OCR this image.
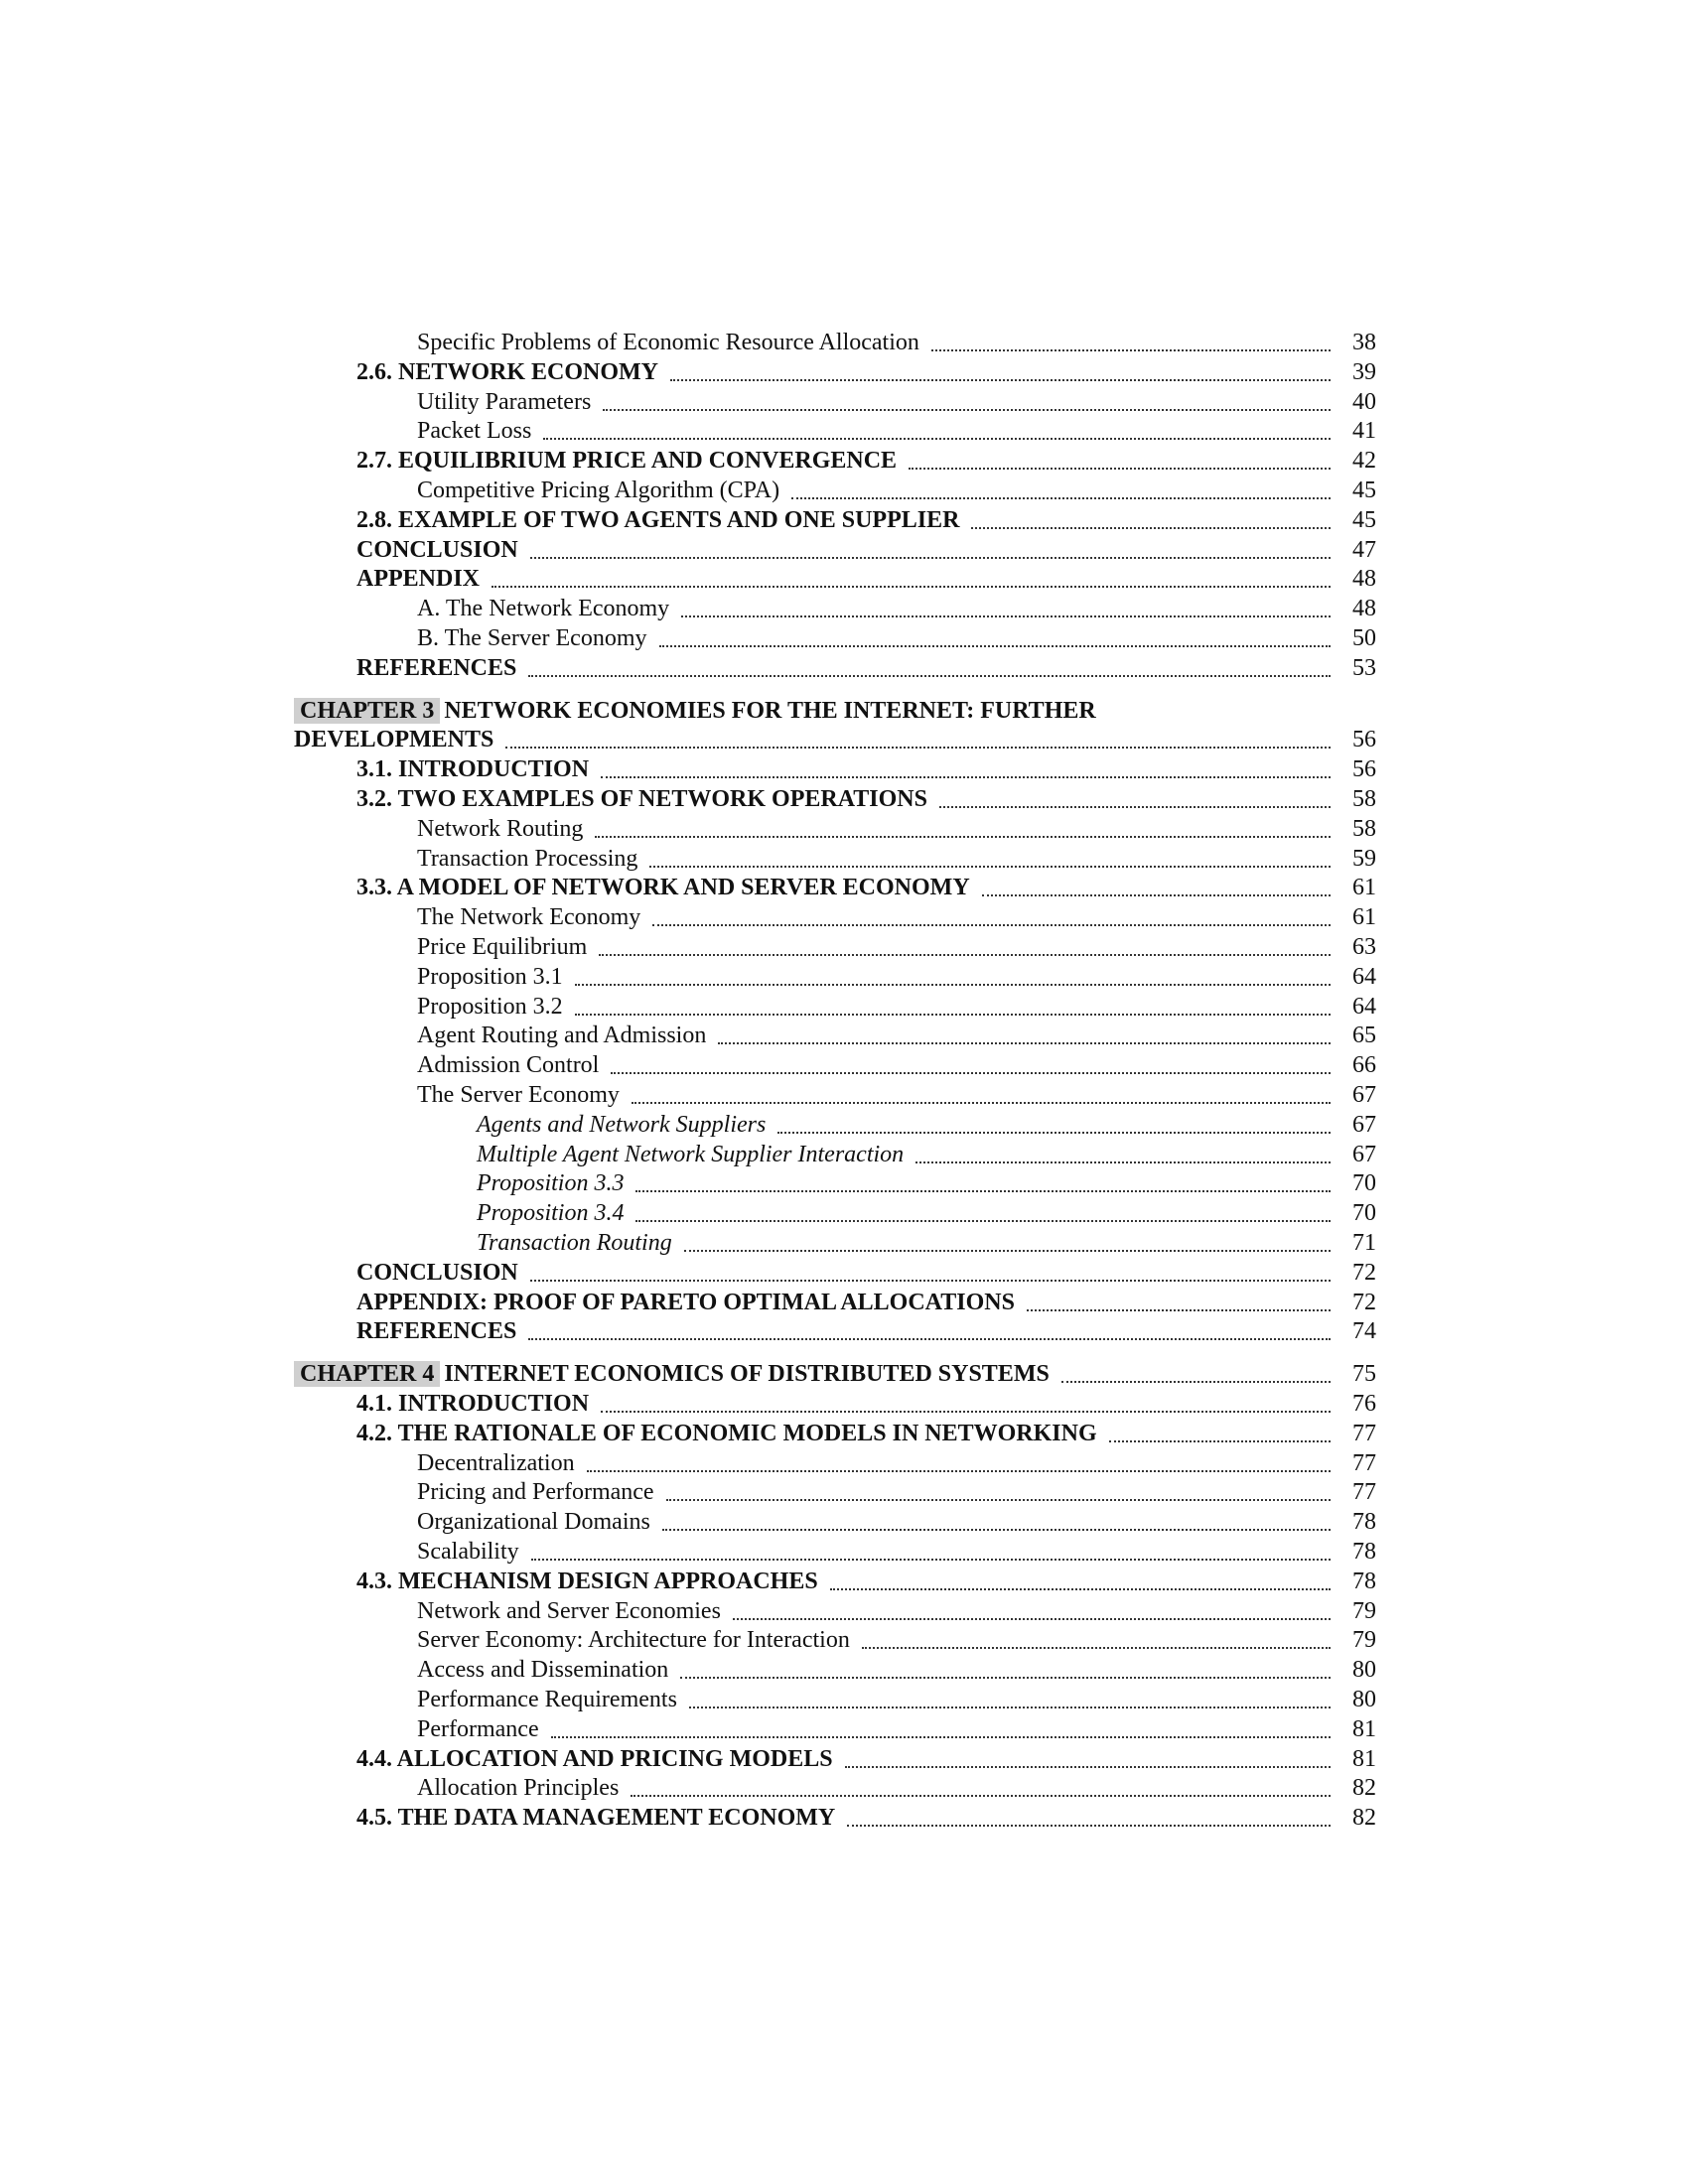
Specific Problems of Economic Resource Allocation	38
2.6. NETWORK ECONOMY	39
Utility Parameters	40
Packet Loss	41
2.7. EQUILIBRIUM PRICE AND CONVERGENCE	42
Competitive Pricing Algorithm (CPA)	45
2.8. EXAMPLE OF TWO AGENTS AND ONE SUPPLIER	45
CONCLUSION	47
APPENDIX	48
A. The Network Economy	48
B. The Server Economy	50
REFERENCES	53
CHAPTER 3 NETWORK ECONOMIES FOR THE INTERNET: FURTHER
DEVELOPMENTS	56
3.1. INTRODUCTION	56
3.2. TWO EXAMPLES OF NETWORK OPERATIONS	58
Network Routing	58
Transaction Processing	59
3.3. A MODEL OF NETWORK AND SERVER ECONOMY	61
The Network Economy	61
Price Equilibrium	63
Proposition 3.1	64
Proposition 3.2	64
Agent Routing and Admission	65
Admission Control	66
The Server Economy	67
Agents and Network Suppliers	67
Multiple Agent Network Supplier Interaction	67
Proposition 3.3	70
Proposition 3.4	70
Transaction Routing	71
CONCLUSION	72
APPENDIX: PROOF OF PARETO OPTIMAL ALLOCATIONS	72
REFERENCES	74
CHAPTER 4 INTERNET ECONOMICS OF DISTRIBUTED SYSTEMS	75
4.1. INTRODUCTION	76
4.2. THE RATIONALE OF ECONOMIC MODELS IN NETWORKING	77
Decentralization	77
Pricing and Performance	77
Organizational Domains	78
Scalability	78
4.3. MECHANISM DESIGN APPROACHES	78
Network and Server Economies	79
Server Economy: Architecture for Interaction	79
Access and Dissemination	80
Performance Requirements	80
Performance	81
4.4. ALLOCATION AND PRICING MODELS	81
Allocation Principles	82
4.5. THE DATA MANAGEMENT ECONOMY	82
